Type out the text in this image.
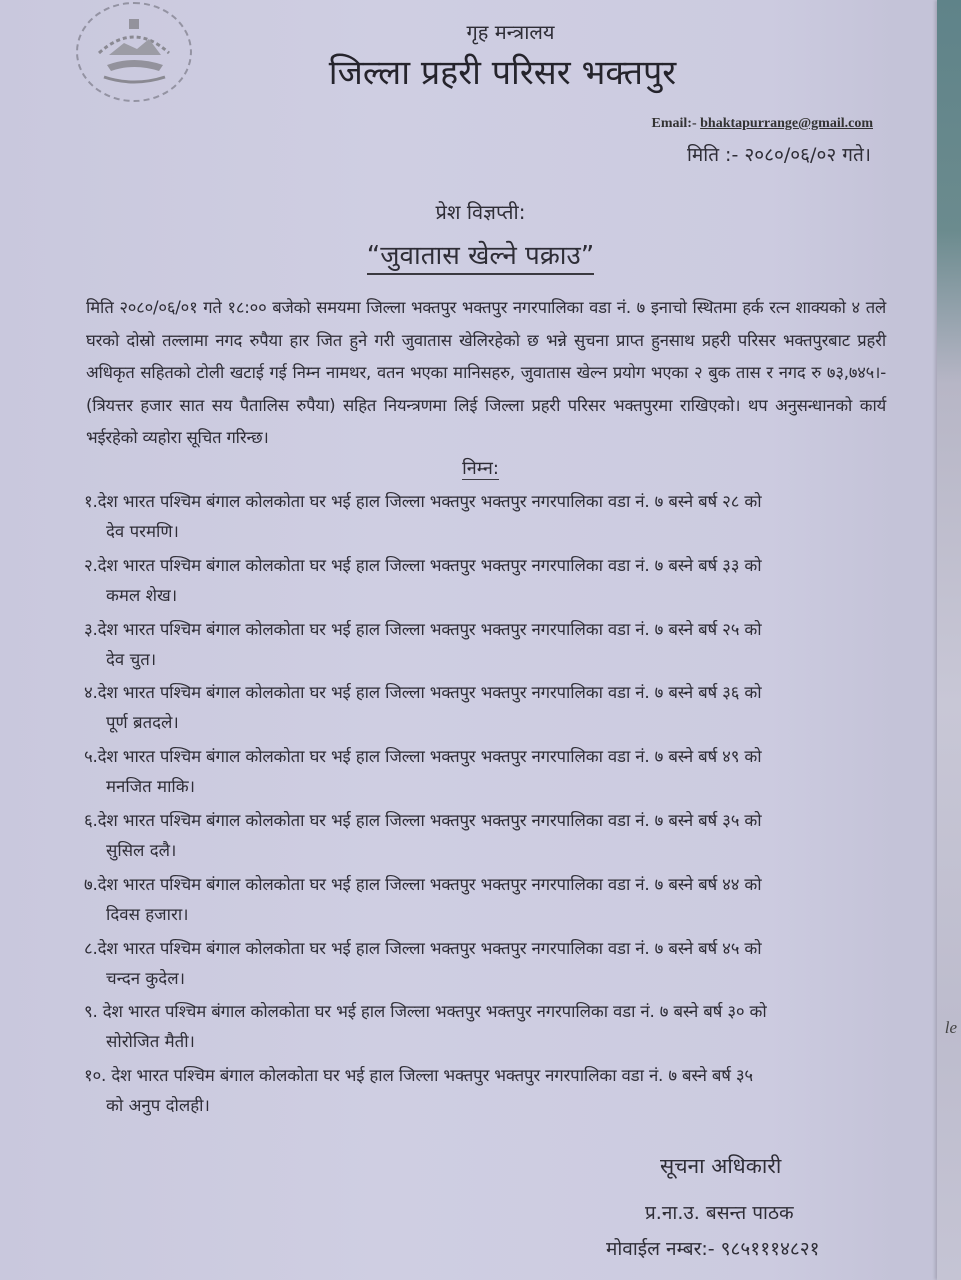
le
गृह मन्त्रालय
जिल्ला प्रहरी परिसर भक्तपुर
Email:- bhaktapurrange@gmail.com
मिति :- २०८०/०६/०२ गते।
प्रेश विज्ञप्ती:
“जुवातास खेल्ने पक्राउ”
मिति २०८०/०६/०१ गते १८:०० बजेको समयमा जिल्ला भक्तपुर भक्तपुर नगरपालिका वडा नं. ७ इनाचो स्थितमा हर्क रत्न शाक्यको ४ तले घरको दोस्रो तल्लामा नगद रुपैया हार जित हुने गरी जुवातास खेलिरहेको छ भन्ने सुचना प्राप्त हुनसाथ प्रहरी परिसर भक्तपुरबाट प्रहरी अधिकृत सहितको टोली खटाई गई निम्न नामथर, वतन भएका मानिसहरु, जुवातास खेल्न प्रयोग भएका २ बुक तास र नगद रु ७३,७४५।- (त्रियत्तर हजार सात सय पैतालिस रुपैया) सहित नियन्त्रणमा लिई जिल्ला प्रहरी परिसर भक्तपुरमा राखिएको। थप अनुसन्धानको कार्य भईरहेको व्यहोरा सूचित गरिन्छ।
निम्न:
१.देश भारत पश्चिम बंगाल कोलकोता घर भई हाल जिल्ला भक्तपुर भक्तपुर नगरपालिका वडा नं. ७ बस्ने बर्ष २८ को
देव परमणि।
२.देश भारत पश्चिम बंगाल कोलकोता घर भई हाल जिल्ला भक्तपुर भक्तपुर नगरपालिका वडा नं. ७ बस्ने बर्ष ३३ को
कमल शेख।
३.देश भारत पश्चिम बंगाल कोलकोता घर भई हाल जिल्ला भक्तपुर भक्तपुर नगरपालिका वडा नं. ७ बस्ने बर्ष २५ को
देव चुत।
४.देश भारत पश्चिम बंगाल कोलकोता घर भई हाल जिल्ला भक्तपुर भक्तपुर नगरपालिका वडा नं. ७ बस्ने बर्ष ३६ को
पूर्ण ब्रतदले।
५.देश भारत पश्चिम बंगाल कोलकोता घर भई हाल जिल्ला भक्तपुर भक्तपुर नगरपालिका वडा नं. ७ बस्ने बर्ष ४९ को
मनजित माकि।
६.देश भारत पश्चिम बंगाल कोलकोता घर भई हाल जिल्ला भक्तपुर भक्तपुर नगरपालिका वडा नं. ७ बस्ने बर्ष ३५ को
सुसिल दलै।
७.देश भारत पश्चिम बंगाल कोलकोता घर भई हाल जिल्ला भक्तपुर भक्तपुर नगरपालिका वडा नं. ७ बस्ने बर्ष ४४ को
दिवस हजारा।
८.देश भारत पश्चिम बंगाल कोलकोता घर भई हाल जिल्ला भक्तपुर भक्तपुर नगरपालिका वडा नं. ७ बस्ने बर्ष ४५ को
चन्दन कुदेल।
९. देश भारत पश्चिम बंगाल कोलकोता घर भई हाल जिल्ला भक्तपुर भक्तपुर नगरपालिका वडा नं. ७ बस्ने बर्ष ३० को
सोरोजित मैती।
१०. देश भारत पश्चिम बंगाल कोलकोता घर भई हाल जिल्ला भक्तपुर भक्तपुर नगरपालिका वडा नं. ७ बस्ने बर्ष ३५
को अनुप दोलही।
सूचना अधिकारी
प्र.ना.उ. बसन्त पाठक
मोवाईल नम्बर:- ९८५१११४८२१
